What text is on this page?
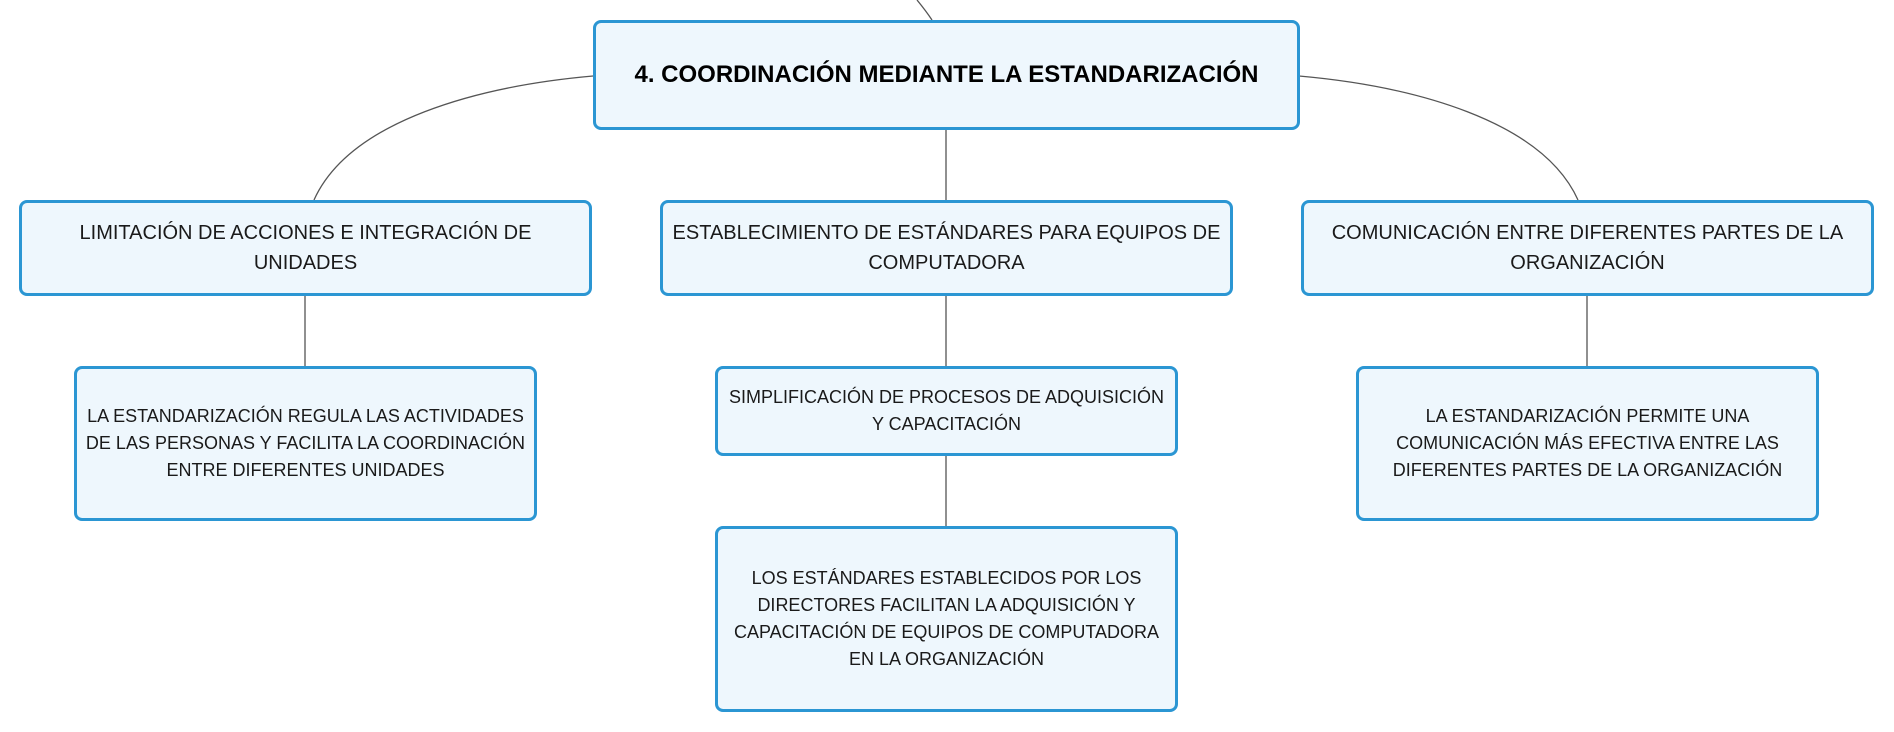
4. COORDINACIÓN MEDIANTE LA ESTANDARIZACIÓN
LIMITACIÓN DE ACCIONES E INTEGRACIÓN DE UNIDADES
ESTABLECIMIENTO DE ESTÁNDARES PARA EQUIPOS DE COMPUTADORA
COMUNICACIÓN ENTRE DIFERENTES PARTES DE LA ORGANIZACIÓN
LA ESTANDARIZACIÓN REGULA LAS ACTIVIDADES DE LAS PERSONAS Y FACILITA LA COORDINACIÓN ENTRE DIFERENTES UNIDADES
SIMPLIFICACIÓN DE PROCESOS DE ADQUISICIÓN Y CAPACITACIÓN
LOS ESTÁNDARES ESTABLECIDOS POR LOS DIRECTORES FACILITAN LA ADQUISICIÓN Y CAPACITACIÓN DE EQUIPOS DE COMPUTADORA EN LA ORGANIZACIÓN
LA ESTANDARIZACIÓN PERMITE UNA COMUNICACIÓN MÁS EFECTIVA ENTRE LAS DIFERENTES PARTES DE LA ORGANIZACIÓN
